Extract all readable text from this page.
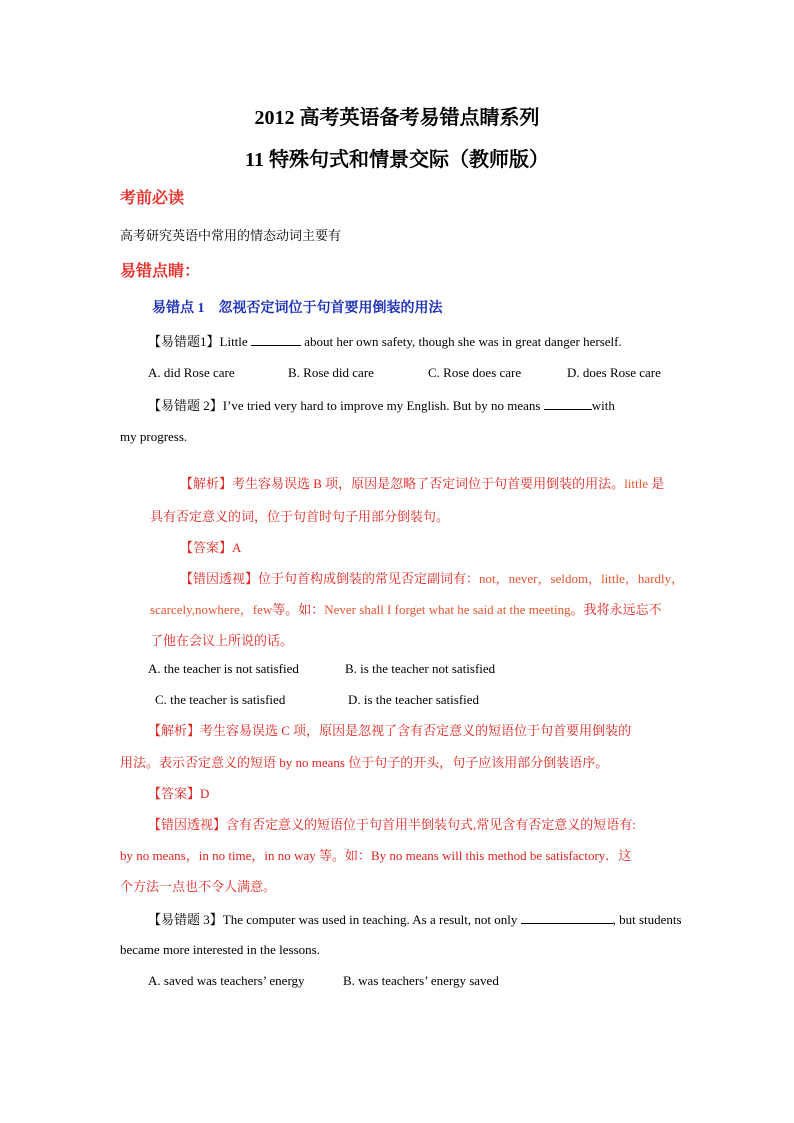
2012 高考英语备考易错点睛系列
11 特殊句式和情景交际（教师版）
考前必读
高考研究英语中常用的情态动词主要有
易错点睛：
易错点 1　忽视否定词位于句首要用倒装的用法
【易错题1】Little	about her own safety, though she was in great danger herself.
A. did Rose care	B. Rose did care	C. Rose does care	D. does Rose care
【易错题 2】I’ve tried very hard to improve my English. But by no means	with
my progress.
【解析】考生容易误选 B 项，原因是忽略了否定词位于句首要用倒装的用法。little 是
具有否定意义的词，位于句首时句子用部分倒装句。
【答案】A
【错因透视】位于句首构成倒装的常见否定副词有：not，never，seldom，little，hardly，
scarcely,nowhere，few等。如：Never shall I forget what he said at the meeting。我将永远忘不
了他在会议上所说的话。
A. the teacher is not satisfied	B. is the teacher not satisfied
C. the teacher is satisfied	D. is the teacher satisfied
【解析】考生容易误选 C 项，原因是忽视了含有否定意义的短语位于句首要用倒装的
用法。表示否定意义的短语 by no means 位于句子的开头，句子应该用部分倒装语序。
【答案】D
【错因透视】含有否定意义的短语位于句首用半倒装句式,常见含有否定意义的短语有:
by no means，in no time，in no way 等。如：By no means will this method be satisfactory．这
个方法一点也不令人满意。
【易错题 3】The computer was used in teaching. As a result, not only	, but students
became more interested in the lessons.
A. saved was teachers’ energy	B. was teachers’ energy saved
